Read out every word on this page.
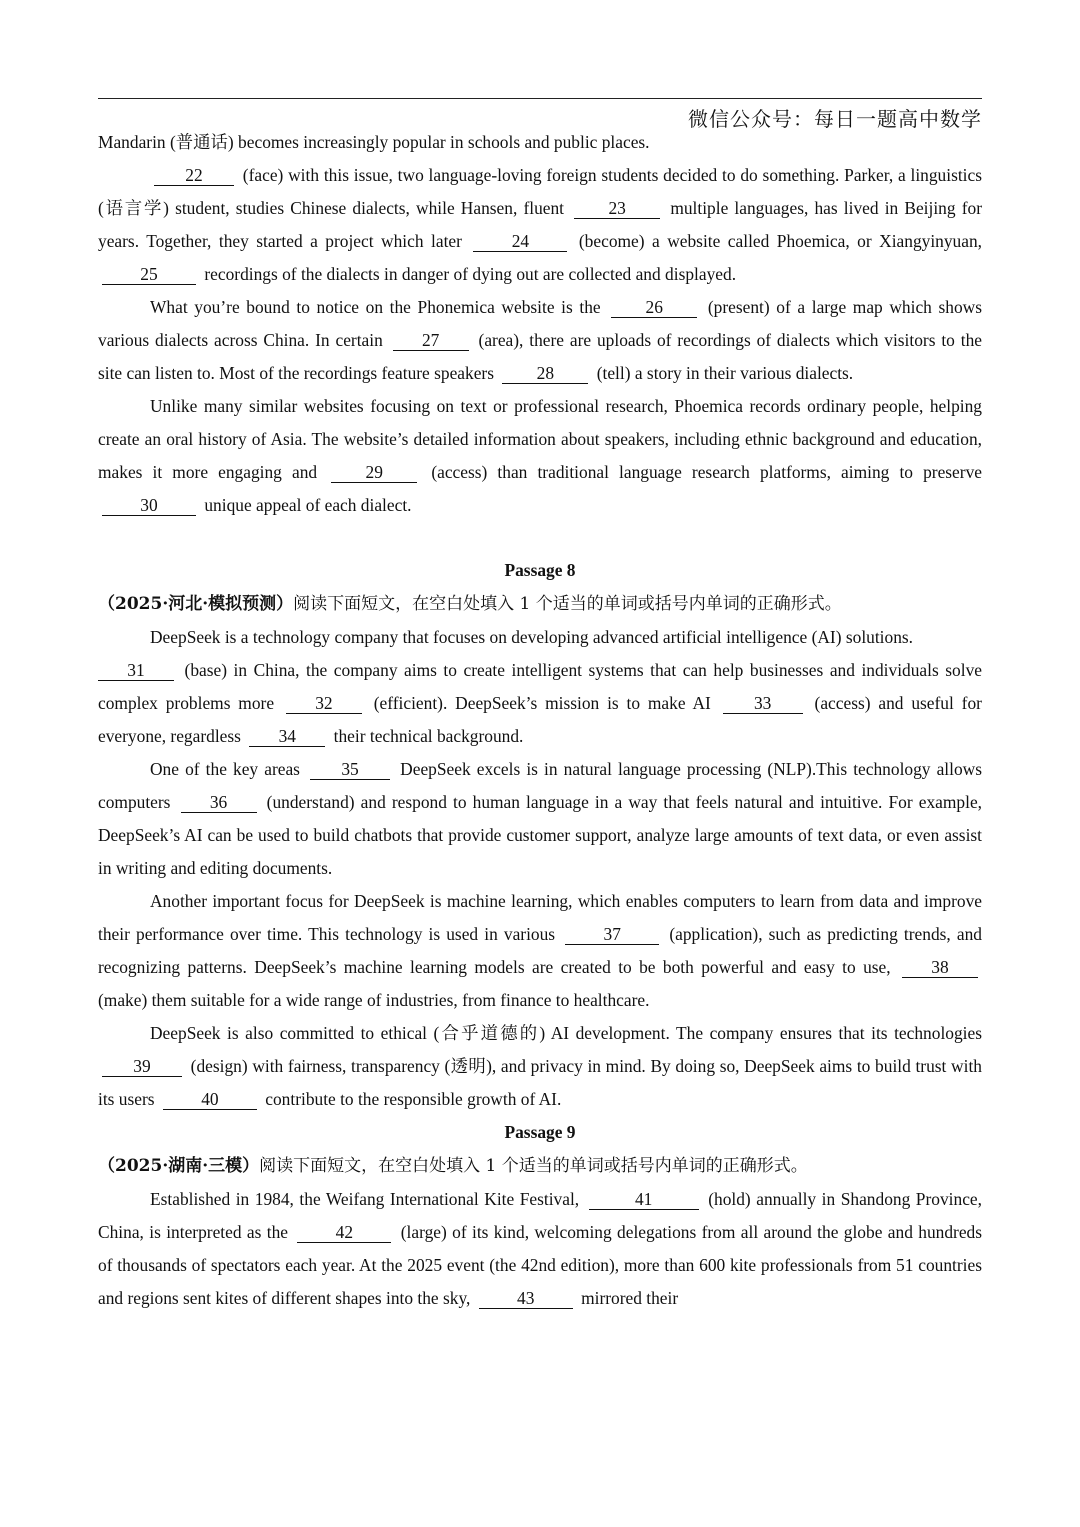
微信公众号：每日一题高中数学

Mandarin (普通话) becomes increasingly popular in schools and public places.

22 (face) with this issue, two language-loving foreign students decided to do something. Parker, a linguistics (语言学) student, studies Chinese dialects, while Hansen, fluent	23	multiple languages, has lived in Beijing for years. Together, they started a project which later	24	(become) a website called Phoemica, or Xiangyinyuan, 25	recordings of the dialects in danger of dying out are collected and displayed.

What you’re bound to notice on the Phonemica website is the	26	(present) of a large map which shows various dialects across China. In certain 27 (area), there are uploads of recordings of dialects which visitors to the site can listen to. Most of the recordings feature speakers 28 (tell) a story in their various dialects.

Unlike many similar websites focusing on text or professional research, Phoemica records ordinary people, helping create an oral history of Asia. The website’s detailed information about speakers, including ethnic background and education, makes it more engaging and	29	(access) than traditional language research platforms, aiming to preserve 30	unique appeal of each dialect.

Passage 8

（2025·河北·模拟预测）阅读下面短文，在空白处填入 1 个适当的单词或括号内单词的正确形式。

DeepSeek is a technology company that focuses on developing advanced artificial intelligence (AI) solutions.

31 (base) in China, the company aims to create intelligent systems that can help businesses and individuals solve complex problems more 32 (efficient). DeepSeek’s mission is to make AI 33 (access) and useful for everyone, regardless 34 their technical background.

One of the key areas 35 DeepSeek excels is in natural language processing (NLP).This technology allows computers 36 (understand) and respond to human language in a way that feels natural and intuitive. For example, DeepSeek’s AI can be used to build chatbots that provide customer support, analyze large amounts of text data, or even assist in writing and editing documents.

Another important focus for DeepSeek is machine learning, which enables computers to learn from data and improve their performance over time. This technology is used in various	37	(application), such as predicting trends, and recognizing patterns. DeepSeek’s machine learning models are created to be both powerful and easy to use, 38 (make) them suitable for a wide range of industries, from finance to healthcare.

DeepSeek is also committed to ethical (合乎道德的) AI development. The company ensures that its technologies 39 (design) with fairness, transparency (透明), and privacy in mind. By doing so, DeepSeek aims to build trust with its users	40	contribute to the responsible growth of AI.

Passage 9

（2025·湖南·三模）阅读下面短文，在空白处填入 1 个适当的单词或括号内单词的正确形式。

Established in 1984, the Weifang International Kite Festival,	41	(hold) annually in Shandong Province, China, is interpreted as the	42	(large) of its kind, welcoming delegations from all around the globe and hundreds of thousands of spectators each year. At the 2025 event (the 42nd edition), more than 600 kite professionals from 51 countries and regions sent kites of different shapes into the sky,	43	mirrored their
